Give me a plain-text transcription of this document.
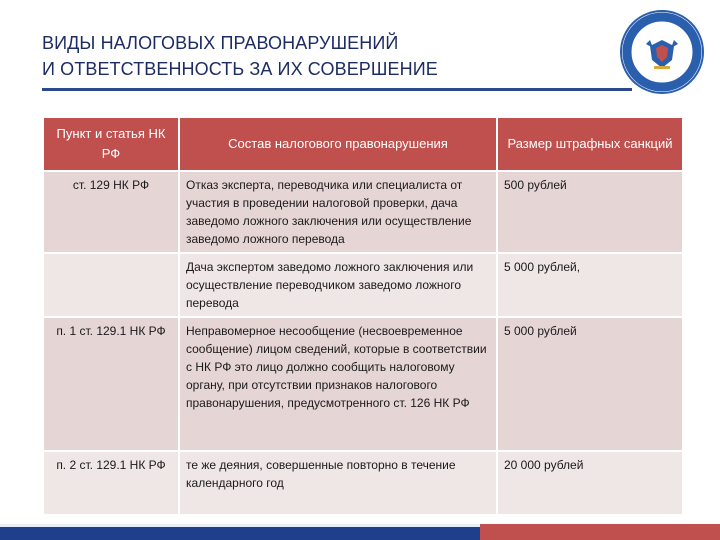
ВИДЫ НАЛОГОВЫХ ПРАВОНАРУШЕНИЙ
И ОТВЕТСТВЕННОСТЬ ЗА ИХ СОВЕРШЕНИЕ
Пункт и статья НК РФ	Состав налогового правонарушения	Размер штрафных санкций
ст. 129 НК РФ	Отказ эксперта, переводчика или специалиста от участия в проведении налоговой проверки, дача заведомо ложного заключения или осуществление заведомо ложного перевода	500 рублей
	Дача экспертом заведомо ложного заключения или осуществление переводчиком заведомо ложного перевода	5 000 рублей,
п. 1 ст. 129.1 НК РФ	Неправомерное несообщение (несвоевременное сообщение) лицом сведений, которые в соответствии с НК РФ это лицо должно сообщить налоговому органу, при отсутствии признаков налогового правонарушения, предусмотренного ст. 126 НК РФ	5 000 рублей
п. 2 ст. 129.1 НК РФ	те же деяния, совершенные повторно в течение календарного год	20 000 рублей
